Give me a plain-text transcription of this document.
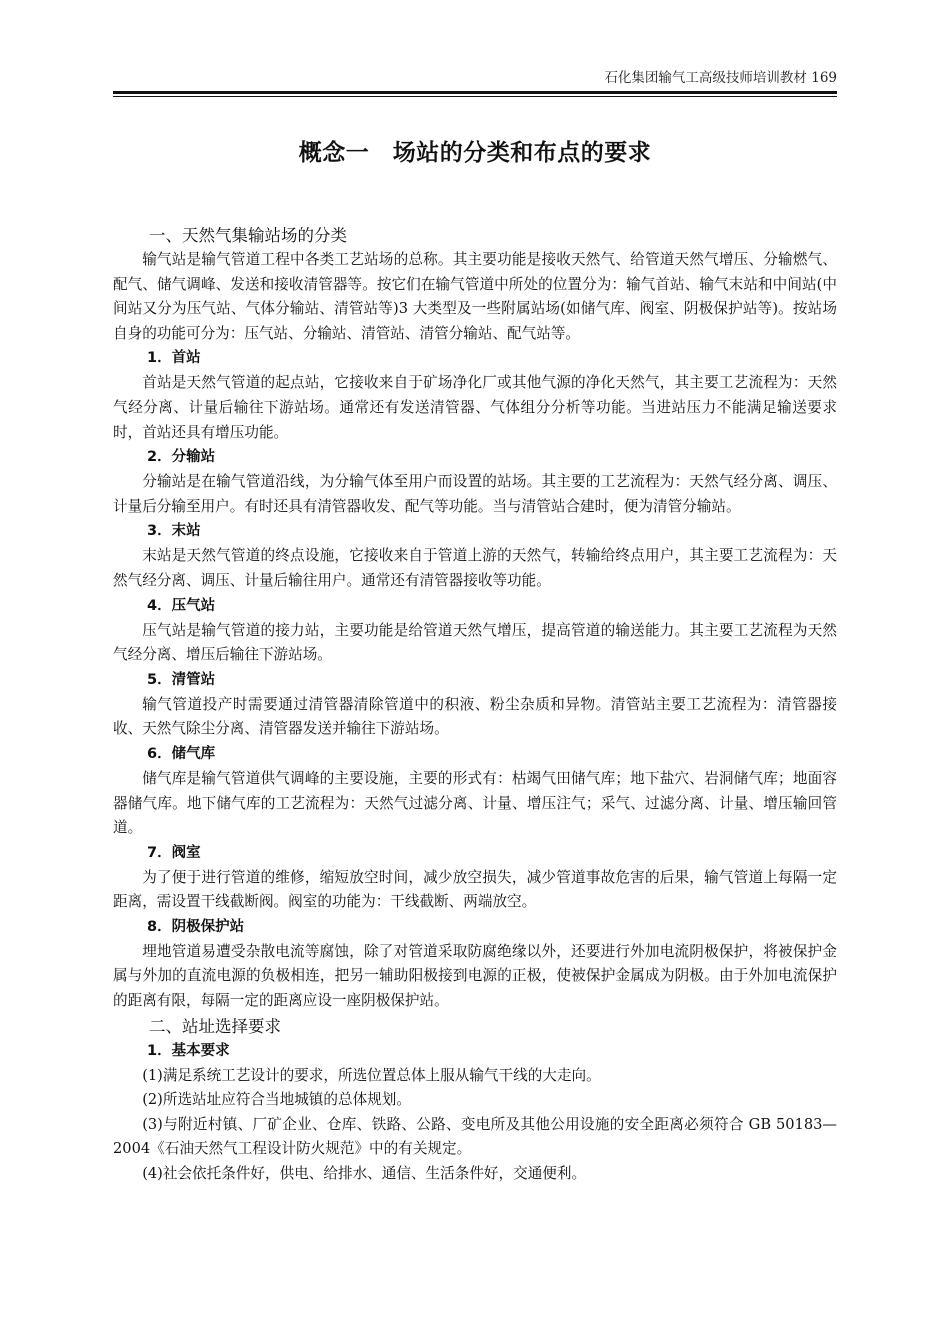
石化集团输气工高级技师培训教材 169
概念一　场站的分类和布点的要求
一、天然气集输站场的分类
输气站是输气管道工程中各类工艺站场的总称。其主要功能是接收天然气、给管道天然气增压、分输燃气、配气、储气调峰、发送和接收清管器等。按它们在输气管道中所处的位置分为：输气首站、输气末站和中间站(中间站又分为压气站、气体分输站、清管站等)3 大类型及一些附属站场(如储气库、阀室、阴极保护站等)。按站场自身的功能可分为：压气站、分输站、清管站、清管分输站、配气站等。
1．首站
首站是天然气管道的起点站，它接收来自于矿场净化厂或其他气源的净化天然气，其主要工艺流程为：天然气经分离、计量后输往下游站场。通常还有发送清管器、气体组分分析等功能。当进站压力不能满足输送要求时，首站还具有增压功能。
2．分输站
分输站是在输气管道沿线，为分输气体至用户而设置的站场。其主要的工艺流程为：天然气经分离、调压、计量后分输至用户。有时还具有清管器收发、配气等功能。当与清管站合建时，便为清管分输站。
3．末站
末站是天然气管道的终点设施，它接收来自于管道上游的天然气，转输给终点用户，其主要工艺流程为：天然气经分离、调压、计量后输往用户。通常还有清管器接收等功能。
4．压气站
压气站是输气管道的接力站，主要功能是给管道天然气增压，提高管道的输送能力。其主要工艺流程为天然气经分离、增压后输往下游站场。
5．清管站
输气管道投产时需要通过清管器清除管道中的积液、粉尘杂质和异物。清管站主要工艺流程为：清管器接收、天然气除尘分离、清管器发送并输往下游站场。
6．储气库
储气库是输气管道供气调峰的主要设施，主要的形式有：枯竭气田储气库；地下盐穴、岩洞储气库；地面容器储气库。地下储气库的工艺流程为：天然气过滤分离、计量、增压注气；采气、过滤分离、计量、增压输回管道。
7．阀室
为了便于进行管道的维修，缩短放空时间，减少放空损失，减少管道事故危害的后果，输气管道上每隔一定距离，需设置干线截断阀。阀室的功能为：干线截断、两端放空。
8．阴极保护站
埋地管道易遭受杂散电流等腐蚀，除了对管道采取防腐绝缘以外，还要进行外加电流阴极保护，将被保护金属与外加的直流电源的负极相连，把另一辅助阳极接到电源的正极，使被保护金属成为阴极。由于外加电流保护的距离有限，每隔一定的距离应设一座阴极保护站。
二、站址选择要求
1．基本要求
(1)满足系统工艺设计的要求，所选位置总体上服从输气干线的大走向。
(2)所选站址应符合当地城镇的总体规划。
(3)与附近村镇、厂矿企业、仓库、铁路、公路、变电所及其他公用设施的安全距离必须符合 GB 50183—2004《石油天然气工程设计防火规范》中的有关规定。
(4)社会依托条件好，供电、给排水、通信、生活条件好，交通便利。
